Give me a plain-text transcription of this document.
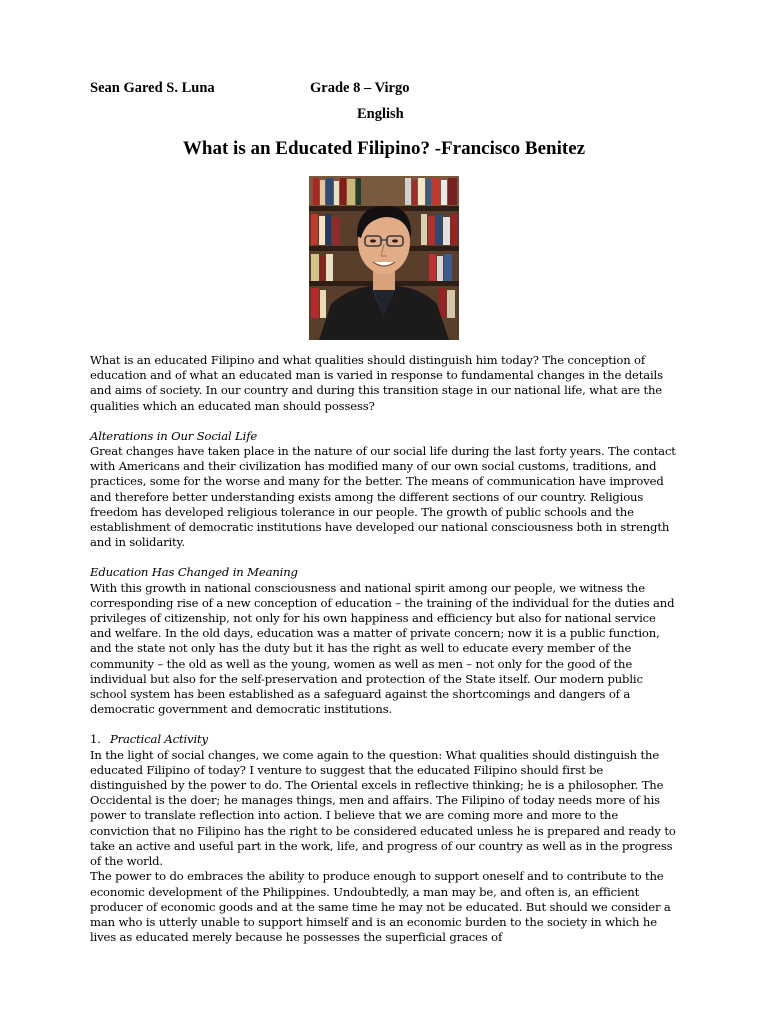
Sean Gared S. Luna	Grade 8 – Virgo
English
What is an Educated Filipino? -Francisco Benitez

What is an educated Filipino and what qualities should distinguish him today? The conception of education and of what an educated man is varied in response to fundamental changes in the details and aims of society. In our country and during this transition stage in our national life, what are the qualities which an educated man should possess?

Alterations in Our Social Life

Great changes have taken place in the nature of our social life during the last forty years. The contact with Americans and their civilization has modified many of our own social customs, traditions, and practices, some for the worse and many for the better. The means of communication have improved and therefore better understanding exists among the different sections of our country. Religious freedom has developed religious tolerance in our people. The growth of public schools and the establishment of democratic institutions have developed our national consciousness both in strength and in solidarity.

Education Has Changed in Meaning

With this growth in national consciousness and national spirit among our people, we witness the corresponding rise of a new conception of education – the training of the individual for the duties and privileges of citizenship, not only for his own happiness and efficiency but also for national service and welfare. In the old days, education was a matter of private concern; now it is a public function, and the state not only has the duty but it has the right as well to educate every member of the community – the old as well as the young, women as well as men – not only for the good of the individual but also for the self-preservation and protection of the State itself. Our modern public school system has been established as a safeguard against the shortcomings and dangers of a democratic government and democratic institutions.

1. Practical Activity

In the light of social changes, we come again to the question: What qualities should distinguish the educated Filipino of today? I venture to suggest that the educated Filipino should first be distinguished by the power to do. The Oriental excels in reflective thinking; he is a philosopher. The Occidental is the doer; he manages things, men and affairs. The Filipino of today needs more of his power to translate reflection into action. I believe that we are coming more and more to the conviction that no Filipino has the right to be considered educated unless he is prepared and ready to take an active and useful part in the work, life, and progress of our country as well as in the progress of the world.

The power to do embraces the ability to produce enough to support oneself and to contribute to the economic development of the Philippines. Undoubtedly, a man may be, and often is, an efficient producer of economic goods and at the same time he may not be educated. But should we consider a man who is utterly unable to support himself and is an economic burden to the society in which he lives as educated merely because he possesses the superficial graces of
